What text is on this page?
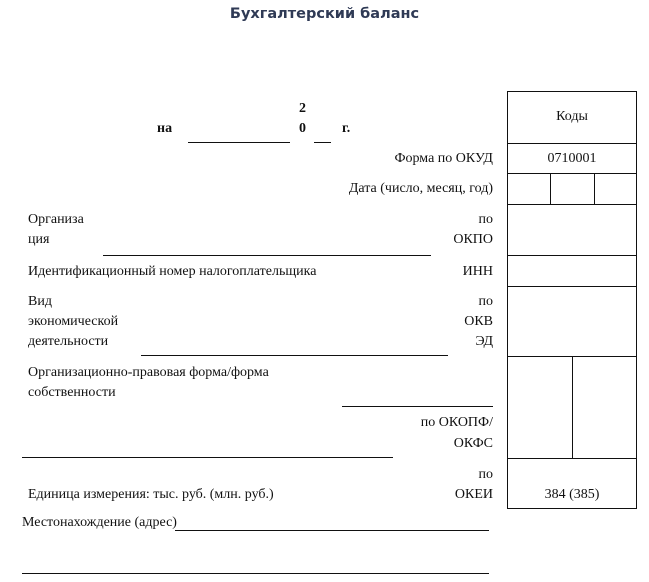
Бухгалтерский баланс
на
2
0	г.
Коды
0710001
384 (385)
Форма по ОКУД
Дата (число, месяц, год)
по
ОКПО
ИНН
по
ОКВ
ЭД
по ОКОПФ/
ОКФС
по
ОКЕИ
Организа
ция
Идентификационный номер налогоплательщика
Вид
экономической
деятельности
Организационно-правовая форма/форма
собственности
Единица измерения: тыс. руб. (млн. руб.)
Местонахождение (адрес)
